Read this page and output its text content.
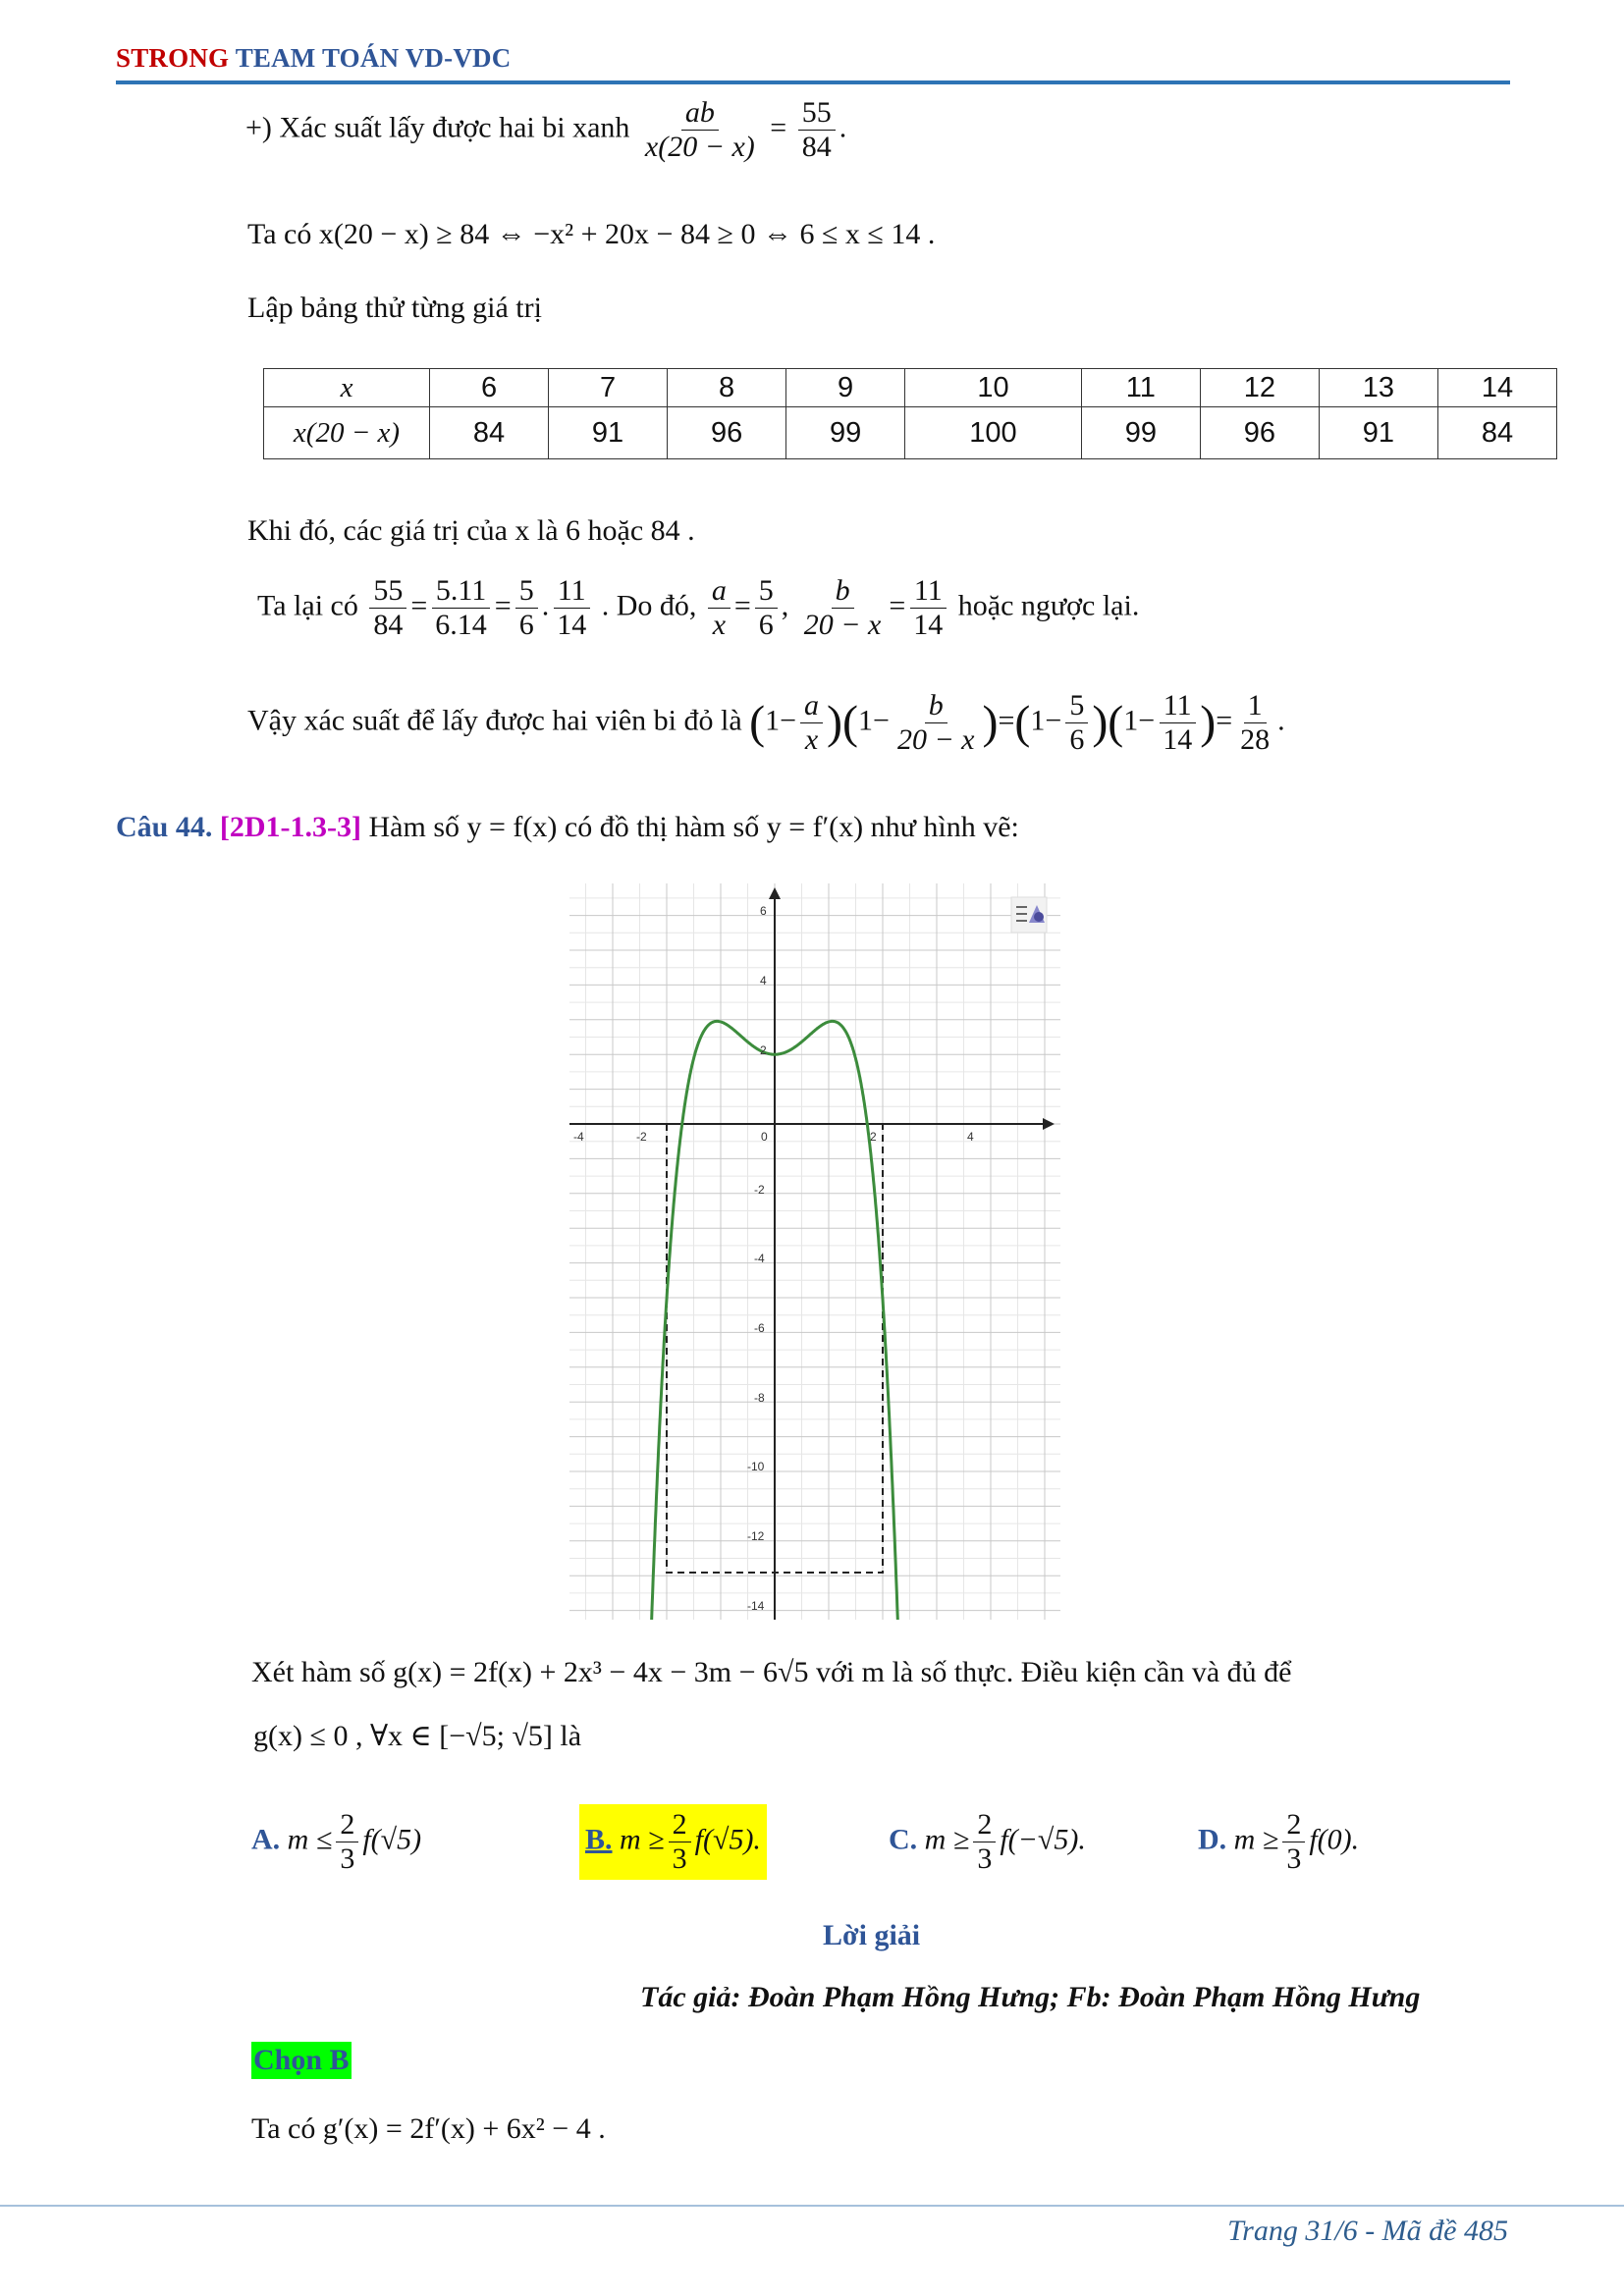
STRONG TEAM TOÁN VD-VDC
+) Xác suất lấy được hai bi xanh $\frac{ab}{x(20 - x)} = \frac{55}{84}$ .
Ta có x(20 − x) ≥ 84 ⇔ −x² + 20x − 84 ≥ 0 ⇔ 6 ≤ x ≤ 14 .
Lập bảng thử từng giá trị
x	6	7	8	9	10	11	12	13	14
x(20 − x)	84	91	96	99	100	99	96	91	84
Khi đó, các giá trị của x là 6 hoặc 84 .
Ta lại có $\frac{55}{84} = \frac{5.11}{6.14} = \frac{5}{6}$ . $\frac{11}{14}$ . Do đó, $\frac{a}{x} = \frac{5}{6}$ , $\frac{b}{20 - x} = \frac{11}{14}$ hoặc ngược lại.
Vậy xác suất để lấy được hai viên bi đỏ là $(1- \frac{a}{x} )(1- \frac{b}{20 - x} )=(1- \frac{5}{6} )(1- \frac{11}{14}$ )= $\frac{1}{28}$ .
Câu 44. [2D1-1.3-3] Hàm số y = f(x) có đồ thị hàm số y = f′(x) như hình vẽ:
-4	-2	0	2	4
6
4
2
-2
-4
-6
-8
-10
-12
-14
Xét hàm số g(x) = 2f(x) + 2x³ − 4x − 3m − 6√5 với m là số thực. Điều kiện cần và đủ để
g(x) ≤ 0 , ∀x ∈ [−√5; √5] là
A. $m \le \frac{2}{3} f(√5)$	B. $m \ge \frac{2}{3} f(√5)$.	C. $m \ge \frac{2}{3} f(-√5)$.	D. $m \ge \frac{2}{3} f(0)$.
Lời giải
Tác giả: Đoàn Phạm Hồng Hưng; Fb: Đoàn Phạm Hồng Hưng
Chọn B
Ta có g′(x) = 2f′(x) + 6x² − 4 .
Trang 31/6 - Mã đề 485
